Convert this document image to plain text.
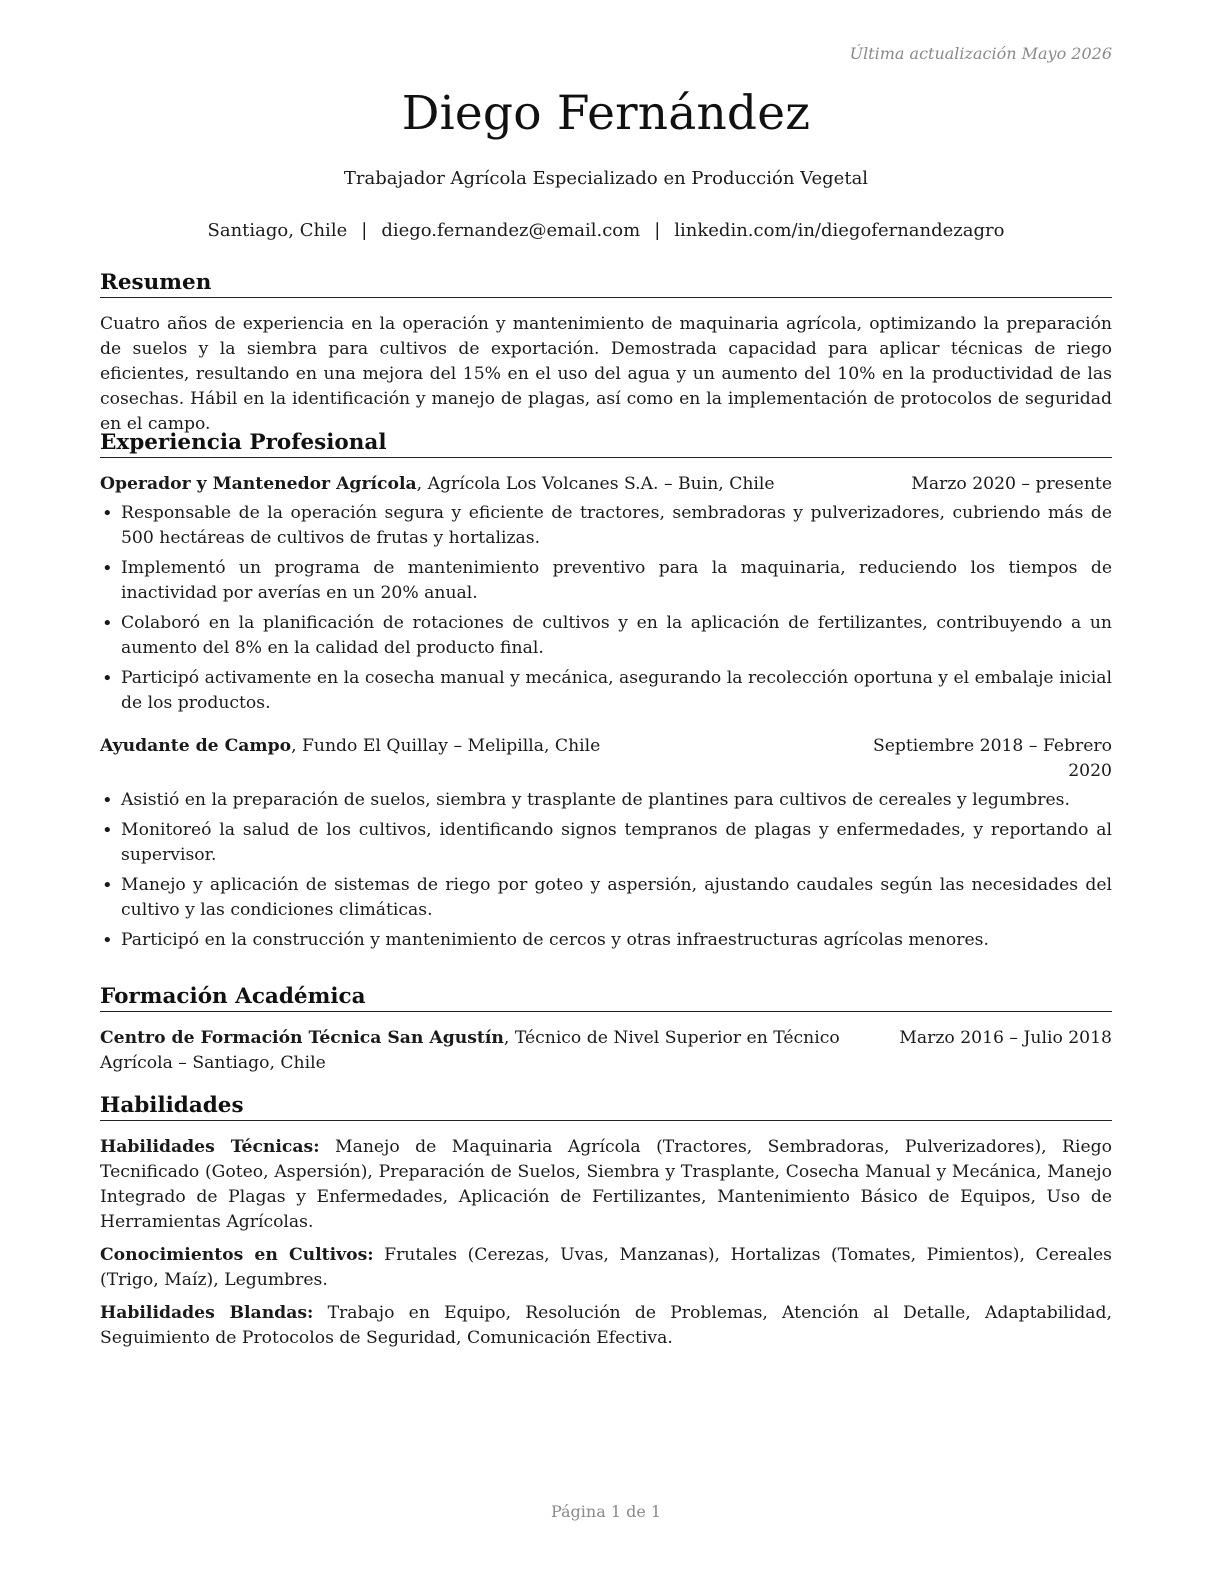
Última actualización Mayo 2026
Diego Fernández
Trabajador Agrícola Especializado en Producción Vegetal
Santiago, Chile | diego.fernandez@email.com | linkedin.com/in/diegofernandezagro
Resumen

Cuatro años de experiencia en la operación y mantenimiento de maquinaria agrícola, optimizando la preparación de suelos y la siembra para cultivos de exportación. Demostrada capacidad para aplicar técnicas de riego eficientes, resultando en una mejora del 15% en el uso del agua y un aumento del 10% en la productividad de las cosechas. Hábil en la identificación y manejo de plagas, así como en la implementación de protocolos de seguridad en el campo.

Experiencia Profesional
Operador y Mantenedor Agrícola, Agrícola Los Volcanes S.A. – Buin, Chile	Marzo 2020 – presente
• Responsable de la operación segura y eficiente de tractores, sembradoras y pulverizadores, cubriendo más de 500 hectáreas de cultivos de frutas y hortalizas.
• Implementó un programa de mantenimiento preventivo para la maquinaria, reduciendo los tiempos de inactividad por averías en un 20% anual.
• Colaboró en la planificación de rotaciones de cultivos y en la aplicación de fertilizantes, contribuyendo a un aumento del 8% en la calidad del producto final.
• Participó activamente en la cosecha manual y mecánica, asegurando la recolección oportuna y el embalaje inicial de los productos.
Ayudante de Campo, Fundo El Quillay – Melipilla, Chile	Septiembre 2018 – Febrero 2020
• Asistió en la preparación de suelos, siembra y trasplante de plantines para cultivos de cereales y legumbres.
• Monitoreó la salud de los cultivos, identificando signos tempranos de plagas y enfermedades, y reportando al supervisor.
• Manejo y aplicación de sistemas de riego por goteo y aspersión, ajustando caudales según las necesidades del cultivo y las condiciones climáticas.
• Participó en la construcción y mantenimiento de cercos y otras infraestructuras agrícolas menores.
Formación Académica
Centro de Formación Técnica San Agustín, Técnico de Nivel Superior en Técnico Agrícola – Santiago, Chile
Marzo 2016 – Julio 2018
Habilidades

Habilidades Técnicas: Manejo de Maquinaria Agrícola (Tractores, Sembradoras, Pulverizadores), Riego Tecnificado (Goteo, Aspersión), Preparación de Suelos, Siembra y Trasplante, Cosecha Manual y Mecánica, Manejo Integrado de Plagas y Enfermedades, Aplicación de Fertilizantes, Mantenimiento Básico de Equipos, Uso de Herramientas Agrícolas.

Conocimientos en Cultivos: Frutales (Cerezas, Uvas, Manzanas), Hortalizas (Tomates, Pimientos), Cereales (Trigo, Maíz), Legumbres.

Habilidades Blandas: Trabajo en Equipo, Resolución de Problemas, Atención al Detalle, Adaptabilidad, Seguimiento de Protocolos de Seguridad, Comunicación Efectiva.

Página 1 de 1
